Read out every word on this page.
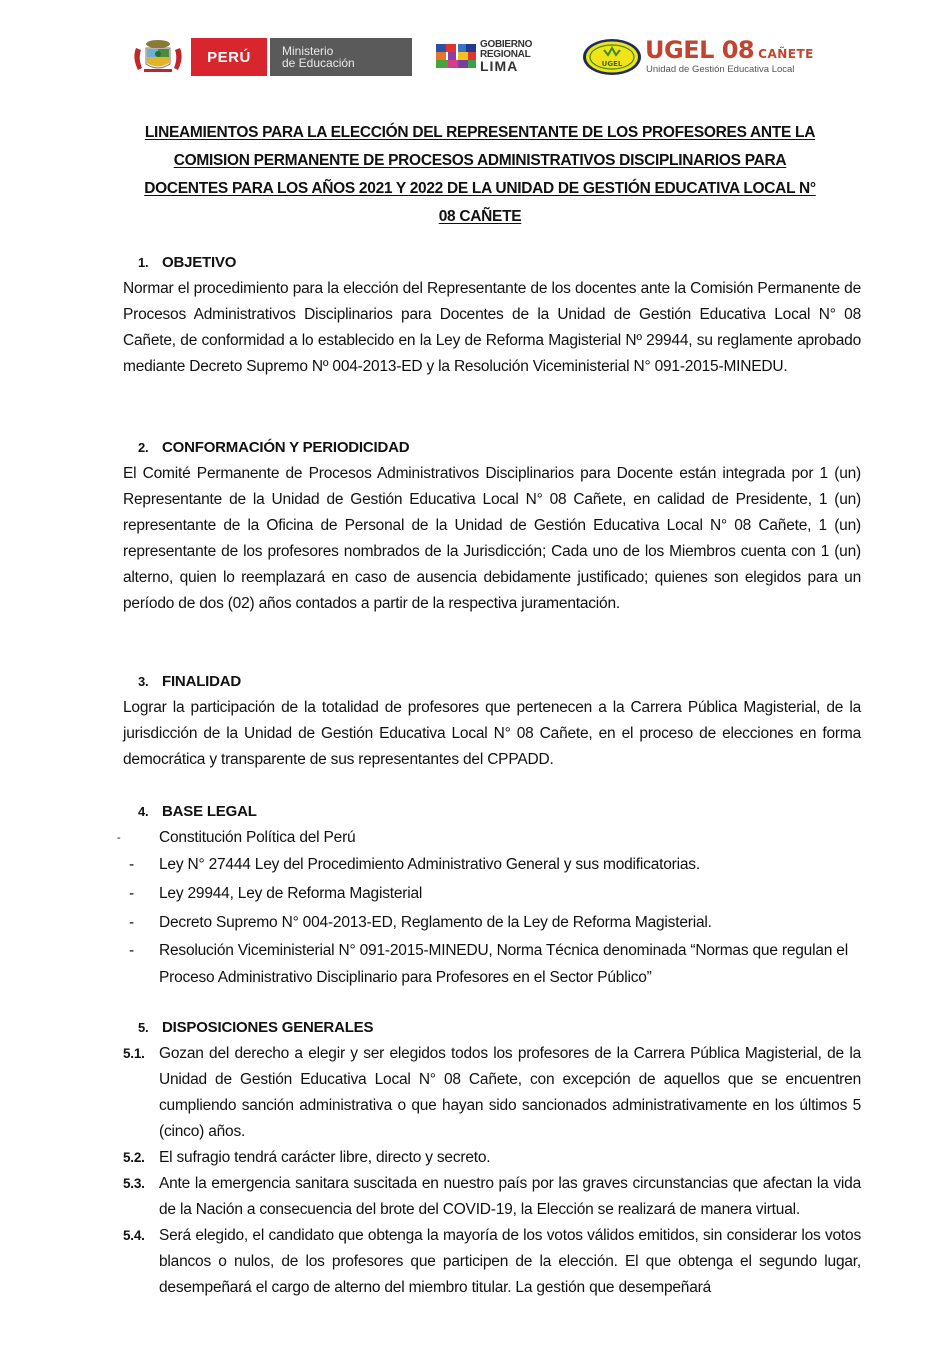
PERÚ	Ministerio
de Educación
GOBIERNO
REGIONAL
LIMA	UGEL UGEL 08 CAÑETE
Unidad de Gestión Educativa Local
LINEAMIENTOS PARA LA ELECCIÓN DEL REPRESENTANTE DE LOS PROFESORES ANTE LA
COMISION PERMANENTE DE PROCESOS ADMINISTRATIVOS DISCIPLINARIOS PARA
DOCENTES PARA LOS AÑOS 2021 Y 2022 DE LA UNIDAD DE GESTIÓN EDUCATIVA LOCAL N°
08 CAÑETE
1. OBJETIVO

Normar el procedimiento para la elección del Representante de los docentes ante la Comisión Permanente de Procesos Administrativos Disciplinarios para Docentes de la Unidad de Gestión Educativa Local N° 08 Cañete, de conformidad a lo establecido en la Ley de Reforma Magisterial Nº 29944, su reglamente aprobado mediante Decreto Supremo Nº 004-2013-ED y la Resolución Viceministerial N° 091-2015-MINEDU.

2. CONFORMACIÓN Y PERIODICIDAD

El Comité Permanente de Procesos Administrativos Disciplinarios para Docente están integrada por 1 (un) Representante de la Unidad de Gestión Educativa Local N° 08 Cañete, en calidad de Presidente, 1 (un) representante de la Oficina de Personal de la Unidad de Gestión Educativa Local N° 08 Cañete, 1 (un) representante de los profesores nombrados de la Jurisdicción; Cada uno de los Miembros cuenta con 1 (un) alterno, quien lo reemplazará en caso de ausencia debidamente justificado; quienes son elegidos para un período de dos (02) años contados a partir de la respectiva juramentación.

3. FINALIDAD

Lograr la participación de la totalidad de profesores que pertenecen a la Carrera Pública Magisterial, de la jurisdicción de la Unidad de Gestión Educativa Local N° 08 Cañete, en el proceso de elecciones en forma democrática y transparente de sus representantes del CPPADD.

4. BASE LEGAL
- Constitución Política del Perú
- Ley N° 27444 Ley del Procedimiento Administrativo General y sus modificatorias.
- Ley 29944, Ley de Reforma Magisterial
- Decreto Supremo N° 004-2013-ED, Reglamento de la Ley de Reforma Magisterial.
- Resolución Viceministerial N° 091-2015-MINEDU, Norma Técnica denominada “Normas que regulan el Proceso Administrativo Disciplinario para Profesores en el Sector Público”
5. DISPOSICIONES GENERALES
5.1. Gozan del derecho a elegir y ser elegidos todos los profesores de la Carrera Pública Magisterial, de la Unidad de Gestión Educativa Local N° 08 Cañete, con excepción de aquellos que se encuentren cumpliendo sanción administrativa o que hayan sido sancionados administrativamente en los últimos 5 (cinco) años.
5.2. El sufragio tendrá carácter libre, directo y secreto.
5.3. Ante la emergencia sanitara suscitada en nuestro país por las graves circunstancias que afectan la vida de la Nación a consecuencia del brote del COVID-19, la Elección se realizará de manera virtual.
5.4. Será elegido, el candidato que obtenga la mayoría de los votos válidos emitidos, sin considerar los votos blancos o nulos, de los profesores que participen de la elección. El que obtenga el segundo lugar, desempeñará el cargo de alterno del miembro titular. La gestión que desempeñará
